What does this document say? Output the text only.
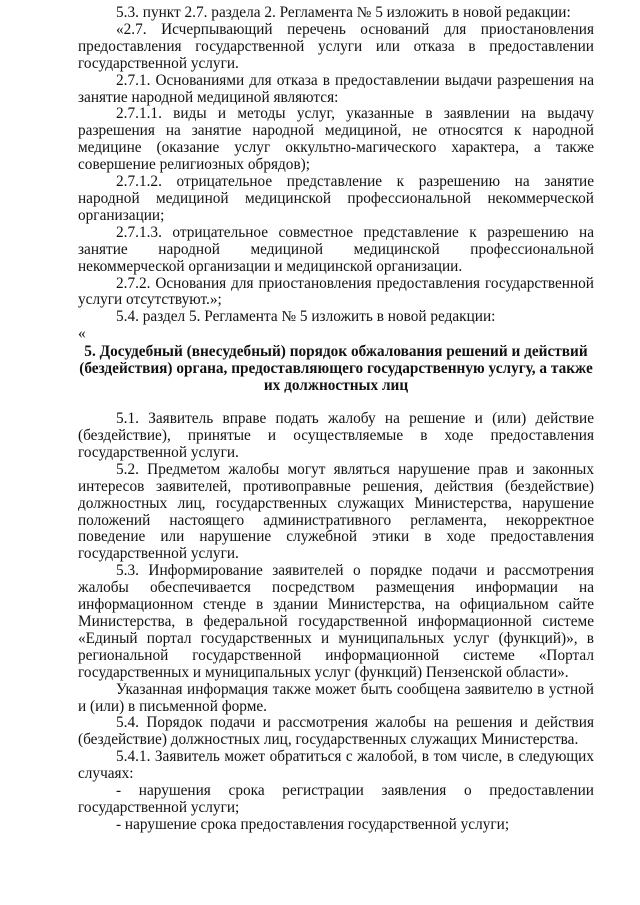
5.3. пункт 2.7. раздела 2. Регламента № 5 изложить в новой редакции:

«2.7. Исчерпывающий перечень оснований для приостановления предоставления государственной услуги или отказа в предоставлении государственной услуги.

2.7.1. Основаниями для отказа в предоставлении выдачи разрешения на занятие народной медициной являются:

2.7.1.1. виды и методы услуг, указанные в заявлении на выдачу разрешения на занятие народной медициной, не относятся к народной медицине (оказание услуг оккультно-магического характера, а также совершение религиозных обрядов);

2.7.1.2. отрицательное представление к разрешению на занятие народной медициной медицинской профессиональной некоммерческой организации;

2.7.1.3. отрицательное совместное представление к разрешению на занятие народной медициной медицинской профессиональной некоммерческой организации и медицинской организации.

2.7.2. Основания для приостановления предоставления государственной услуги отсутствуют.»;

5.4. раздел 5. Регламента № 5 изложить в новой редакции:

«

5. Досудебный (внесудебный) порядок обжалования решений и действий (бездействия) органа, предоставляющего государственную услугу, а также их должностных лиц

5.1. Заявитель вправе подать жалобу на решение и (или) действие (бездействие), принятые и осуществляемые в ходе предоставления государственной услуги.

5.2. Предметом жалобы могут являться нарушение прав и законных интересов заявителей, противоправные решения, действия (бездействие) должностных лиц, государственных служащих Министерства, нарушение положений настоящего административного регламента, некорректное поведение или нарушение служебной этики в ходе предоставления государственной услуги.

5.3. Информирование заявителей о порядке подачи и рассмотрения жалобы обеспечивается посредством размещения информации на информационном стенде в здании Министерства, на официальном сайте Министерства, в федеральной государственной информационной системе «Единый портал государственных и муниципальных услуг (функций)», в региональной государственной информационной системе «Портал государственных и муниципальных услуг (функций) Пензенской области».

Указанная информация также может быть сообщена заявителю в устной и (или) в письменной форме.

5.4. Порядок подачи и рассмотрения жалобы на решения и действия (бездействие) должностных лиц, государственных служащих Министерства.

5.4.1. Заявитель может обратиться с жалобой, в том числе, в следующих случаях:

- нарушения срока регистрации заявления о предоставлении государственной услуги;

- нарушение срока предоставления государственной услуги;
